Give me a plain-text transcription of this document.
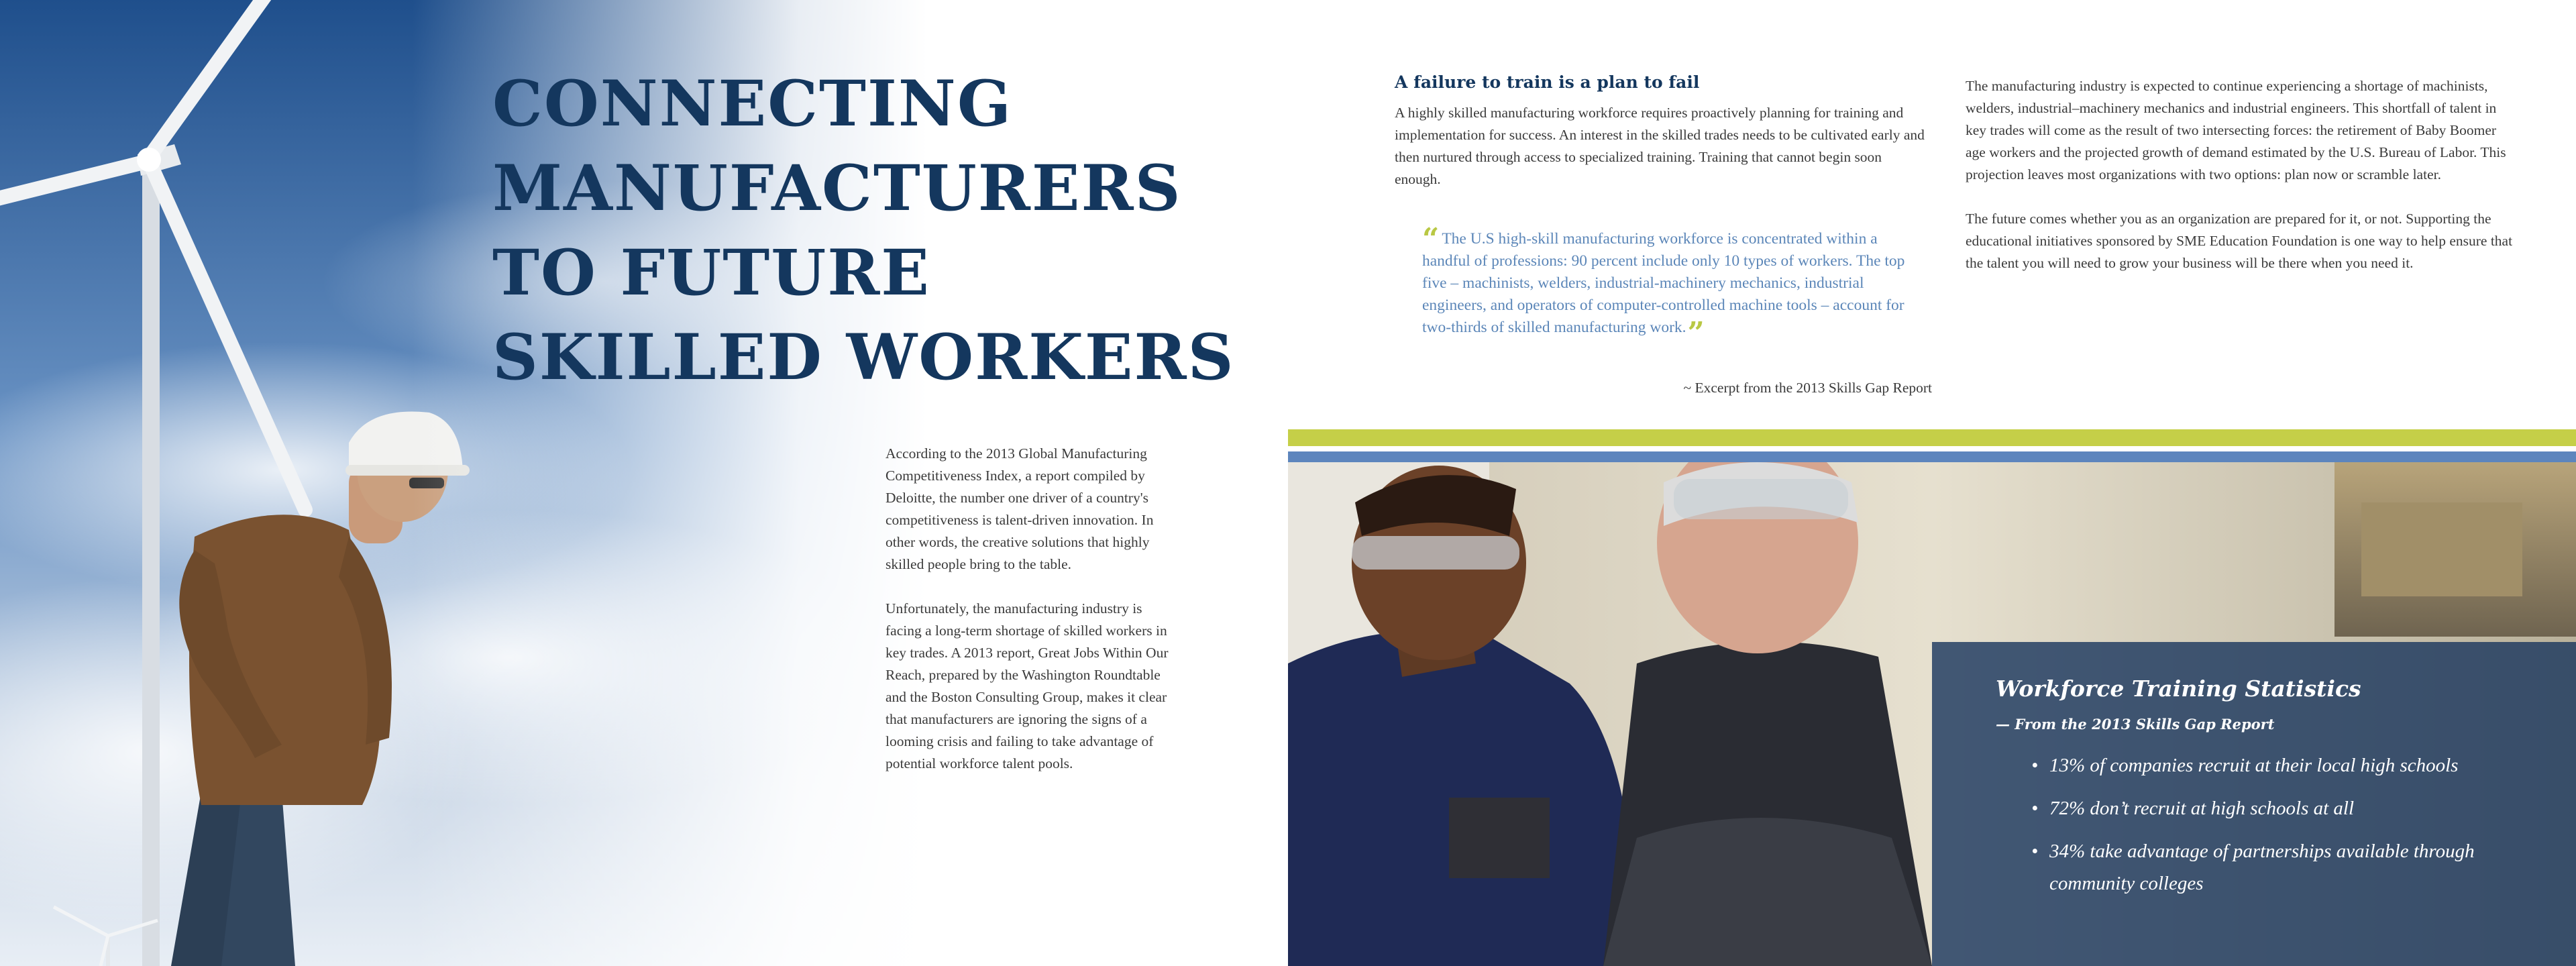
CONNECTING
MANUFACTURERS
TO FUTURE
SKILLED WORKERS

According to the 2013 Global Manufacturing Competitiveness Index, a report compiled by Deloitte, the number one driver of a country's competitiveness is talent-driven innovation. In other words, the creative solutions that highly skilled people bring to the table.

Unfortunately, the manufacturing industry is facing a long-term shortage of skilled workers in key trades. A 2013 report, Great Jobs Within Our Reach, prepared by the Washington Roundtable and the Boston Consulting Group, makes it clear that manufacturers are ignoring the signs of a looming crisis and failing to take advantage of potential workforce talent pools.

A failure to train is a plan to fail

A highly skilled manufacturing workforce requires proactively planning for training and implementation for success. An interest in the skilled trades needs to be cultivated early and then nurtured through access to specialized training. Training that cannot begin soon enough.

“ The U.S high-skill manufacturing workforce is concentrated within a handful of professions: 90 percent include only 10 types of workers. The top five – machinists, welders, industrial-machinery mechanics, industrial engineers, and operators of computer-controlled machine tools – account for two-thirds of skilled manufacturing work.”
~ Excerpt from the 2013 Skills Gap Report

The manufacturing industry is expected to continue experiencing a shortage of machinists, welders, industrial–machinery mechanics and industrial engineers. This shortfall of talent in key trades will come as the result of two intersecting forces: the retirement of Baby Boomer age workers and the projected growth of demand estimated by the U.S. Bureau of Labor. This projection leaves most organizations with two options: plan now or scramble later.

The future comes whether you as an organization are prepared for it, or not. Supporting the educational initiatives sponsored by SME Education Foundation is one way to help ensure that the talent you will need to grow your business will be there when you need it.

Workforce Training Statistics

— From the 2013 Skills Gap Report

• 13% of companies recruit at their local high schools
• 72% don’t recruit at high schools at all
• 34% take advantage of partnerships available through community colleges
